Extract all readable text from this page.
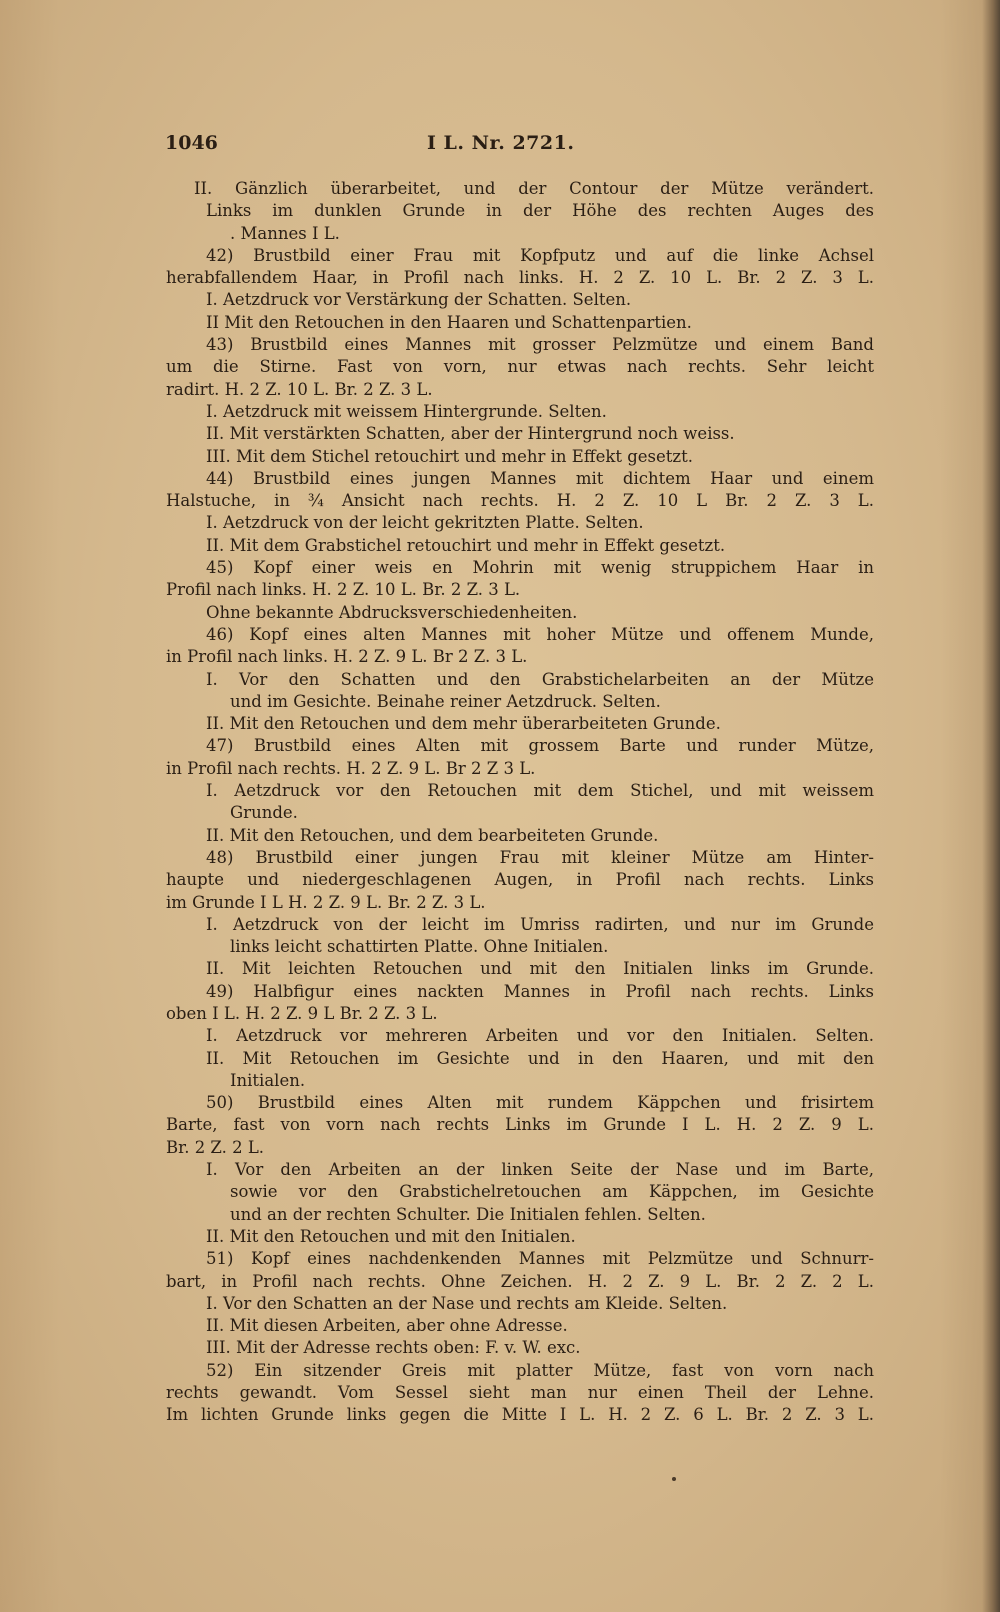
1046	I L. Nr. 2721.
II. Gänzlich überarbeitet, und der Contour der Mütze verändert.
Links im dunklen Grunde in der Höhe des rechten Auges des
. Mannes I L.
42) Brustbild einer Frau mit Kopfputz und auf die linke Achsel
herabfallendem Haar, in Profil nach links. H. 2 Z. 10 L. Br. 2 Z. 3 L.
I. Aetzdruck vor Verstärkung der Schatten. Selten.
II Mit den Retouchen in den Haaren und Schattenpartien.
43) Brustbild eines Mannes mit grosser Pelzmütze und einem Band
um die Stirne. Fast von vorn, nur etwas nach rechts. Sehr leicht
radirt. H. 2 Z. 10 L. Br. 2 Z. 3 L.
I. Aetzdruck mit weissem Hintergrunde. Selten.
II. Mit verstärkten Schatten, aber der Hintergrund noch weiss.
III. Mit dem Stichel retouchirt und mehr in Effekt gesetzt.
44) Brustbild eines jungen Mannes mit dichtem Haar und einem
Halstuche, in ¾ Ansicht nach rechts. H. 2 Z. 10 L Br. 2 Z. 3 L.
I. Aetzdruck von der leicht gekritzten Platte. Selten.
II. Mit dem Grabstichel retouchirt und mehr in Effekt gesetzt.
45) Kopf einer weis en Mohrin mit wenig struppichem Haar in
Profil nach links. H. 2 Z. 10 L. Br. 2 Z. 3 L.
Ohne bekannte Abdrucksverschiedenheiten.
46) Kopf eines alten Mannes mit hoher Mütze und offenem Munde,
in Profil nach links. H. 2 Z. 9 L. Br 2 Z. 3 L.
I. Vor den Schatten und den Grabstichelarbeiten an der Mütze
und im Gesichte. Beinahe reiner Aetzdruck. Selten.
II. Mit den Retouchen und dem mehr überarbeiteten Grunde.
47) Brustbild eines Alten mit grossem Barte und runder Mütze,
in Profil nach rechts. H. 2 Z. 9 L. Br 2 Z 3 L.
I. Aetzdruck vor den Retouchen mit dem Stichel, und mit weissem
Grunde.
II. Mit den Retouchen, und dem bearbeiteten Grunde.
48) Brustbild einer jungen Frau mit kleiner Mütze am Hinter-
haupte und niedergeschlagenen Augen, in Profil nach rechts. Links
im Grunde I L H. 2 Z. 9 L. Br. 2 Z. 3 L.
I. Aetzdruck von der leicht im Umriss radirten, und nur im Grunde
links leicht schattirten Platte. Ohne Initialen.
II. Mit leichten Retouchen und mit den Initialen links im Grunde.
49) Halbfigur eines nackten Mannes in Profil nach rechts. Links
oben I L. H. 2 Z. 9 L Br. 2 Z. 3 L.
I. Aetzdruck vor mehreren Arbeiten und vor den Initialen. Selten.
II. Mit Retouchen im Gesichte und in den Haaren, und mit den
Initialen.
50) Brustbild eines Alten mit rundem Käppchen und frisirtem
Barte, fast von vorn nach rechts Links im Grunde I L. H. 2 Z. 9 L.
Br. 2 Z. 2 L.
I. Vor den Arbeiten an der linken Seite der Nase und im Barte,
sowie vor den Grabstichelretouchen am Käppchen, im Gesichte
und an der rechten Schulter. Die Initialen fehlen. Selten.
II. Mit den Retouchen und mit den Initialen.
51) Kopf eines nachdenkenden Mannes mit Pelzmütze und Schnurr-
bart, in Profil nach rechts. Ohne Zeichen. H. 2 Z. 9 L. Br. 2 Z. 2 L.
I. Vor den Schatten an der Nase und rechts am Kleide. Selten.
II. Mit diesen Arbeiten, aber ohne Adresse.
III. Mit der Adresse rechts oben: F. v. W. exc.
52) Ein sitzender Greis mit platter Mütze, fast von vorn nach
rechts gewandt. Vom Sessel sieht man nur einen Theil der Lehne.
Im lichten Grunde links gegen die Mitte I L. H. 2 Z. 6 L. Br. 2 Z. 3 L.
